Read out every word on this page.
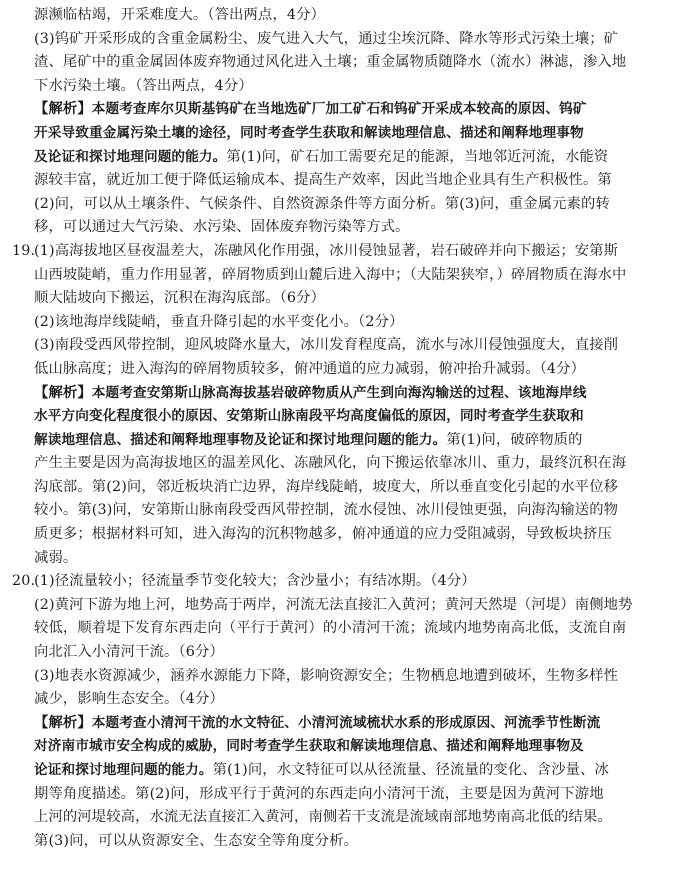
源濒临枯竭，开采难度大。（答出两点，4分）
(3)钨矿开采形成的含重金属粉尘、废气进入大气，通过尘埃沉降、降水等形式污染土壤；矿
渣、尾矿中的重金属固体废弃物通过风化进入土壤；重金属物质随降水（流水）淋滤，渗入地
下水污染土壤。（答出两点，4分）
【解析】本题考查库尔贝斯基钨矿在当地选矿厂加工矿石和钨矿开采成本较高的原因、钨矿
开采导致重金属污染土壤的途径，同时考查学生获取和解读地理信息、描述和阐释地理事物
及论证和探讨地理问题的能力。第(1)问，矿石加工需要充足的能源，当地邻近河流，水能资
源较丰富，就近加工便于降低运输成本、提高生产效率，因此当地企业具有生产积极性。第
(2)问，可以从土壤条件、气候条件、自然资源条件等方面分析。第(3)问，重金属元素的转
移，可以通过大气污染、水污染、固体废弃物污染等方式。
19.(1)高海拔地区昼夜温差大，冻融风化作用强，冰川侵蚀显著，岩石破碎并向下搬运；安第斯
山西坡陡峭，重力作用显著，碎屑物质到山麓后进入海中；（大陆架狭窄，）碎屑物质在海水中
顺大陆坡向下搬运，沉积在海沟底部。（6分）
(2)该地海岸线陡峭，垂直升降引起的水平变化小。（2分）
(3)南段受西风带控制，迎风坡降水量大，冰川发育程度高，流水与冰川侵蚀强度大，直接削
低山脉高度；进入海沟的碎屑物质较多，俯冲通道的应力减弱，俯冲抬升减弱。（4分）
【解析】本题考查安第斯山脉高海拔基岩破碎物质从产生到向海沟输送的过程、该地海岸线
水平方向变化程度很小的原因、安第斯山脉南段平均高度偏低的原因，同时考查学生获取和
解读地理信息、描述和阐释地理事物及论证和探讨地理问题的能力。第(1)问，破碎物质的
产生主要是因为高海拔地区的温差风化、冻融风化，向下搬运依靠冰川、重力，最终沉积在海
沟底部。第(2)问，邻近板块消亡边界，海岸线陡峭，坡度大，所以垂直变化引起的水平位移
较小。第(3)问，安第斯山脉南段受西风带控制，流水侵蚀、冰川侵蚀更强，向海沟输送的物
质更多；根据材料可知，进入海沟的沉积物越多，俯冲通道的应力受阻减弱，导致板块挤压
减弱。
20.(1)径流量较小；径流量季节变化较大；含沙量小；有结冰期。（4分）
(2)黄河下游为地上河，地势高于两岸，河流无法直接汇入黄河；黄河天然堤（河堤）南侧地势
较低，顺着堤下发育东西走向（平行于黄河）的小清河干流；流域内地势南高北低，支流自南
向北汇入小清河干流。（6分）
(3)地表水资源减少，涵养水源能力下降，影响资源安全；生物栖息地遭到破坏，生物多样性
减少，影响生态安全。（4分）
【解析】本题考查小清河干流的水文特征、小清河流域梳状水系的形成原因、河流季节性断流
对济南市城市安全构成的威胁，同时考查学生获取和解读地理信息、描述和阐释地理事物及
论证和探讨地理问题的能力。第(1)问，水文特征可以从径流量、径流量的变化、含沙量、冰
期等角度描述。第(2)问，形成平行于黄河的东西走向小清河干流，主要是因为黄河下游地
上河的河堤较高，水流无法直接汇入黄河，南侧若干支流是流域南部地势南高北低的结果。
第(3)问，可以从资源安全、生态安全等角度分析。
